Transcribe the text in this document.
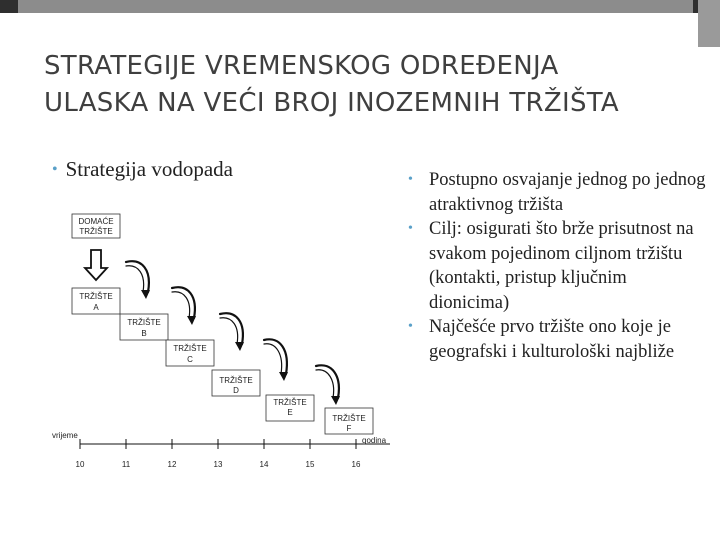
STRATEGIJE VREMENSKOG ODREĐENJA
ULASKA NA VEĆI BROJ INOZEMNIH TRŽIŠTA
• Strategija vodopada	• Postupno osvajanje jednog po jednog atraktivnog tržišta
• Cilj: osigurati što brže prisutnost na svakom pojedinom ciljnom tržištu (kontakti, pristup ključnim dionicima)
• Najčešće prvo tržište ono koje je geografski i kulturološki najbliže
DOMAĆE
TRŽIŠTE
TRŽIŠTE
A
TRŽIŠTE
B
TRŽIŠTE
C
TRŽIŠTE
D
TRŽIŠTE
E
TRŽIŠTE
F
vrijeme
godina
10	11	12	13	14	15	16
